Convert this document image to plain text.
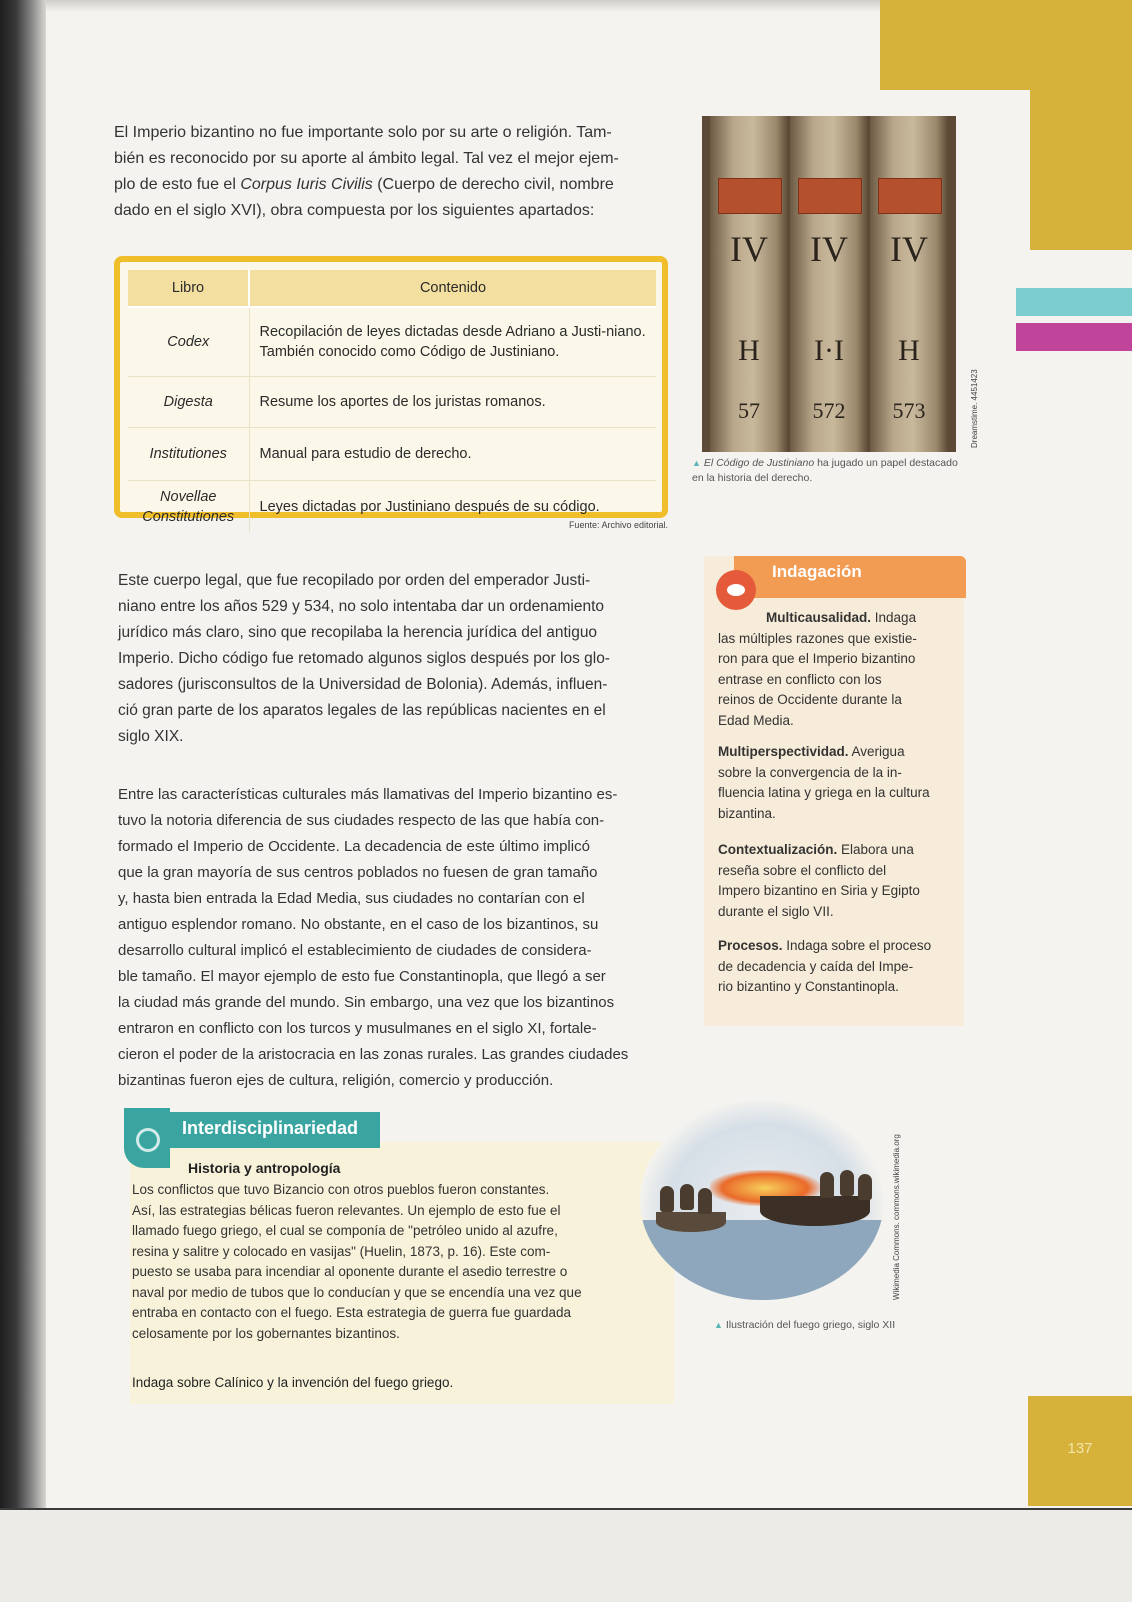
137
El Imperio bizantino no fue importante solo por su arte o religión. Tam-
bién es reconocido por su aporte al ámbito legal. Tal vez el mejor ejem-
plo de esto fue el Corpus Iuris Civilis (Cuerpo de derecho civil, nombre
dado en el siglo XVI), obra compuesta por los siguientes apartados:
Libro	Contenido
Codex	Recopilación de leyes dictadas desde Adriano a Justi-niano. También conocido como Código de Justiniano.
Digesta	Resume los aportes de los juristas romanos.
Institutiones	Manual para estudio de derecho.
Novellae Constitutiones	Leyes dictadas por Justiniano después de su código.
Fuente: Archivo editorial.
IV
H
57
IV
I·I
572
IV
H
573	Dreamstime. 4451423
▲ El Código de Justiniano ha jugado un papel destacado en la historia del derecho.
Este cuerpo legal, que fue recopilado por orden del emperador Justi-
niano entre los años 529 y 534, no solo intentaba dar un ordenamiento
jurídico más claro, sino que recopilaba la herencia jurídica del antiguo
Imperio. Dicho código fue retomado algunos siglos después por los glo-
sadores (jurisconsultos de la Universidad de Bolonia). Además, influen-
ció gran parte de los aparatos legales de las repúblicas nacientes en el
siglo XIX.
Entre las características culturales más llamativas del Imperio bizantino es-
tuvo la notoria diferencia de sus ciudades respecto de las que había con-
formado el Imperio de Occidente. La decadencia de este último implicó
que la gran mayoría de sus centros poblados no fuesen de gran tamaño
y, hasta bien entrada la Edad Media, sus ciudades no contarían con el
antiguo esplendor romano. No obstante, en el caso de los bizantinos, su
desarrollo cultural implicó el establecimiento de ciudades de considera-
ble tamaño. El mayor ejemplo de esto fue Constantinopla, que llegó a ser
la ciudad más grande del mundo. Sin embargo, una vez que los bizantinos
entraron en conflicto con los turcos y musulmanes en el siglo XI, fortale-
cieron el poder de la aristocracia en las zonas rurales. Las grandes ciudades
bizantinas fueron ejes de cultura, religión, comercio y producción.
Indagación
Multicausalidad. Indaga
las múltiples razones que existie-
ron para que el Imperio bizantino
entrase en conflicto con los
reinos de Occidente durante la
Edad Media.
Multiperspectividad. Averigua
sobre la convergencia de la in-
fluencia latina y griega en la cultura
bizantina.
Contextualización. Elabora una
reseña sobre el conflicto del
Impero bizantino en Siria y Egipto
durante el siglo VII.
Procesos. Indaga sobre el proceso
de decadencia y caída del Impe-
rio bizantino y Constantinopla.
Interdisciplinariedad
Historia y antropología
Los conflictos que tuvo Bizancio con otros pueblos fueron constantes.
Así, las estrategias bélicas fueron relevantes. Un ejemplo de esto fue el
llamado fuego griego, el cual se componía de "petróleo unido al azufre,
resina y salitre y colocado en vasijas" (Huelin, 1873, p. 16). Este com-
puesto se usaba para incendiar al oponente durante el asedio terrestre o
naval por medio de tubos que lo conducían y que se encendía una vez que
entraba en contacto con el fuego. Esta estrategia de guerra fue guardada
celosamente por los gobernantes bizantinos.
Indaga sobre Calínico y la invención del fuego griego.
Wikimedia Commons. commons.wikimedia.org
▲ Ilustración del fuego griego, siglo XII
